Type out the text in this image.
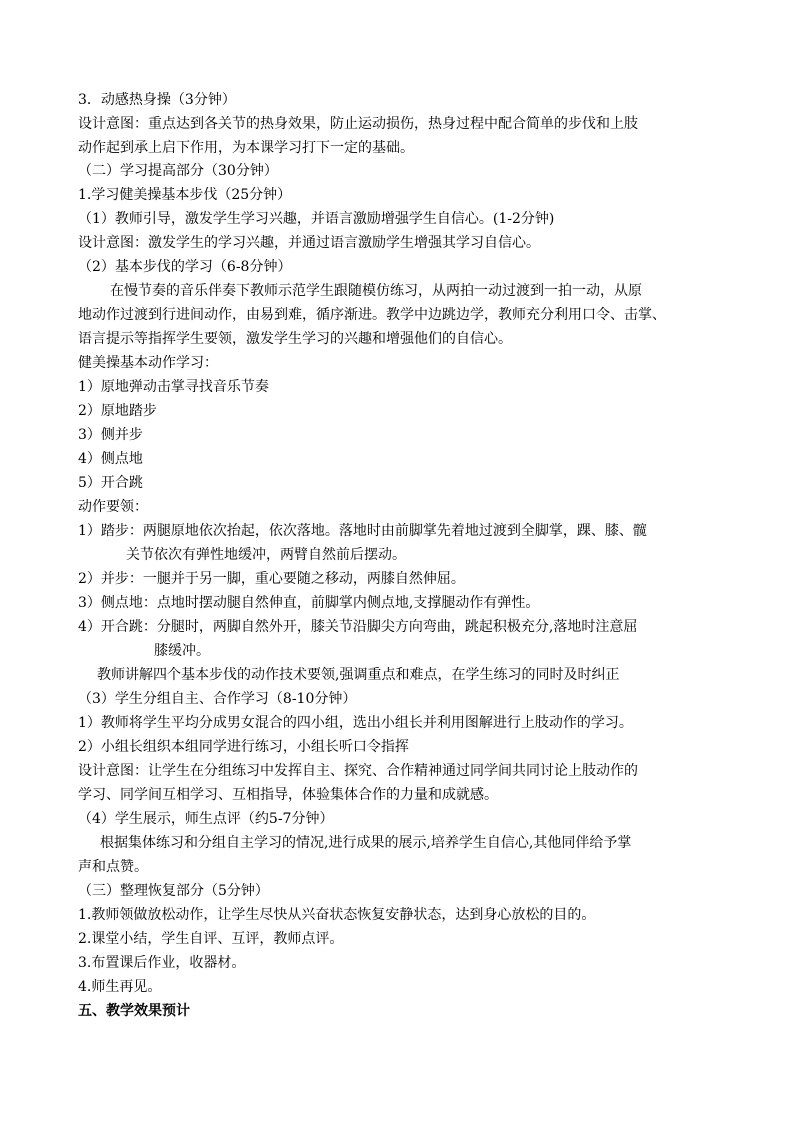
3．动感热身操（3分钟）
设计意图：重点达到各关节的热身效果，防止运动损伤，热身过程中配合简单的步伐和上肢
动作起到承上启下作用，为本课学习打下一定的基础。
（二）学习提高部分（30分钟）
1.学习健美操基本步伐（25分钟）
（1）教师引导，激发学生学习兴趣，并语言激励增强学生自信心。(1-2分钟)
设计意图：激发学生的学习兴趣，并通过语言激励学生增强其学习自信心。
（2）基本步伐的学习（6-8分钟）
在慢节奏的音乐伴奏下教师示范学生跟随模仿练习，从两拍一动过渡到一拍一动，从原
地动作过渡到行进间动作，由易到难，循序渐进。教学中边跳边学，教师充分利用口令、击掌、
语言提示等指挥学生要领，激发学生学习的兴趣和增强他们的自信心。
健美操基本动作学习：
1）原地弹动击掌寻找音乐节奏
2）原地踏步
3）侧并步
4）侧点地
5）开合跳
动作要领：
1）踏步：两腿原地依次抬起，依次落地。落地时由前脚掌先着地过渡到全脚掌，踝、膝、髋
关节依次有弹性地缓冲，两臂自然前后摆动。
2）并步：一腿并于另一脚，重心要随之移动，两膝自然伸屈。
3）侧点地：点地时摆动腿自然伸直，前脚掌内侧点地,支撑腿动作有弹性。
4）开合跳：分腿时，两脚自然外开，膝关节沿脚尖方向弯曲，跳起积极充分,落地时注意屈
膝缓冲。
教师讲解四个基本步伐的动作技术要领,强调重点和难点，在学生练习的同时及时纠正
（3）学生分组自主、合作学习（8-10分钟）
1）教师将学生平均分成男女混合的四小组，选出小组长并利用图解进行上肢动作的学习。
2）小组长组织本组同学进行练习，小组长听口令指挥
设计意图：让学生在分组练习中发挥自主、探究、合作精神通过同学间共同讨论上肢动作的
学习、同学间互相学习、互相指导，体验集体合作的力量和成就感。
（4）学生展示，师生点评（约5-7分钟）
根据集体练习和分组自主学习的情况,进行成果的展示,培养学生自信心,其他同伴给予掌
声和点赞。
（三）整理恢复部分（5分钟）
1.教师领做放松动作，让学生尽快从兴奋状态恢复安静状态，达到身心放松的目的。
2.课堂小结，学生自评、互评，教师点评。
3.布置课后作业，收器材。
4.师生再见。
五、教学效果预计
